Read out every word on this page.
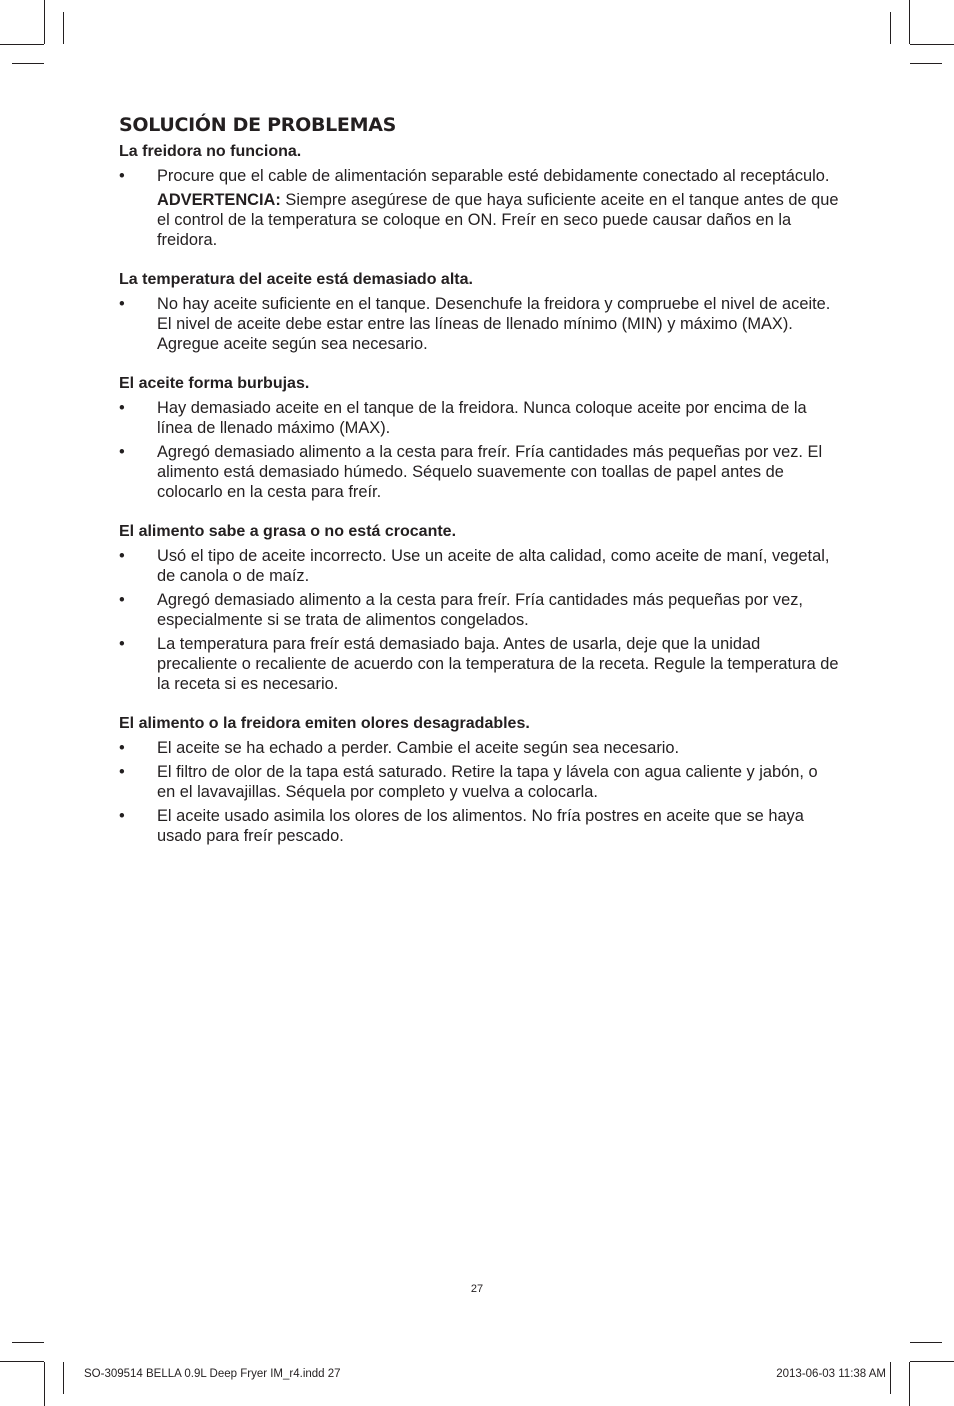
SOLUCIÓN DE PROBLEMAS
La freidora no funciona.
• Procure que el cable de alimentación separable esté debidamente conectado al receptáculo.
ADVERTENCIA: Siempre asegúrese de que haya suficiente aceite en el tanque antes de que el control de la temperatura se coloque en ON. Freír en seco puede causar daños en la freidora.
La temperatura del aceite está demasiado alta.
• No hay aceite suficiente en el tanque. Desenchufe la freidora y compruebe el nivel de aceite. El nivel de aceite debe estar entre las líneas de llenado mínimo (MIN) y máximo (MAX). Agregue aceite según sea necesario.
El aceite forma burbujas.
• Hay demasiado aceite en el tanque de la freidora. Nunca coloque aceite por encima de la línea de llenado máximo (MAX).
• Agregó demasiado alimento a la cesta para freír. Fría cantidades más pequeñas por vez. El alimento está demasiado húmedo. Séquelo suavemente con toallas de papel antes de colocarlo en la cesta para freír.
El alimento sabe a grasa o no está crocante.
• Usó el tipo de aceite incorrecto. Use un aceite de alta calidad, como aceite de maní, vegetal, de canola o de maíz.
• Agregó demasiado alimento a la cesta para freír. Fría cantidades más pequeñas por vez, especialmente si se trata de alimentos congelados.
• La temperatura para freír está demasiado baja. Antes de usarla, deje que la unidad precaliente o recaliente de acuerdo con la temperatura de la receta. Regule la temperatura de la receta si es necesario.
El alimento o la freidora emiten olores desagradables.
• El aceite se ha echado a perder. Cambie el aceite según sea necesario.
• El filtro de olor de la tapa está saturado. Retire la tapa y lávela con agua caliente y jabón, o en el lavavajillas. Séquela por completo y vuelva a colocarla.
• El aceite usado asimila los olores de los alimentos. No fría postres en aceite que se haya usado para freír pescado.
27
SO-309514 BELLA 0.9L Deep Fryer IM_r4.indd 27	2013-06-03 11:38 AM
